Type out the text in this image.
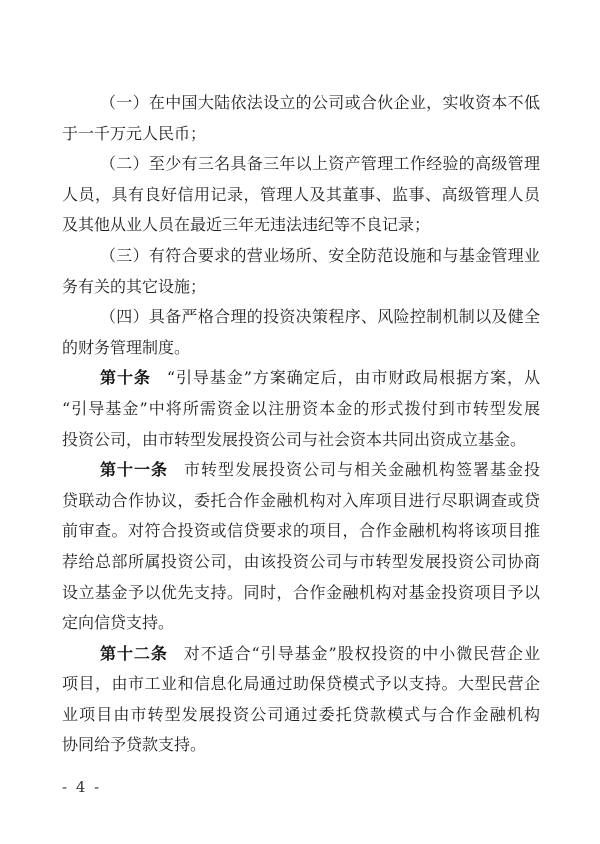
（一）在中国大陆依法设立的公司或合伙企业，实收资本不低
于一千万元人民币；

（二）至少有三名具备三年以上资产管理工作经验的高级管理
人员，具有良好信用记录，管理人及其董事、监事、高级管理人员
及其他从业人员在最近三年无违法违纪等不良记录；

（三）有符合要求的营业场所、安全防范设施和与基金管理业
务有关的其它设施；

（四）具备严格合理的投资决策程序、风险控制机制以及健全
的财务管理制度。

第十条 “引导基金”方案确定后，由市财政局根据方案，从
“引导基金”中将所需资金以注册资本金的形式拨付到市转型发展
投资公司，由市转型发展投资公司与社会资本共同出资成立基金。

第十一条 市转型发展投资公司与相关金融机构签署基金投
贷联动合作协议，委托合作金融机构对入库项目进行尽职调查或贷
前审查。对符合投资或信贷要求的项目，合作金融机构将该项目推
荐给总部所属投资公司，由该投资公司与市转型发展投资公司协商
设立基金予以优先支持。同时，合作金融机构对基金投资项目予以
定向信贷支持。

第十二条 对不适合“引导基金”股权投资的中小微民营企业
项目，由市工业和信息化局通过助保贷模式予以支持。大型民营企
业项目由市转型发展投资公司通过委托贷款模式与合作金融机构
协同给予贷款支持。

- 4 -
